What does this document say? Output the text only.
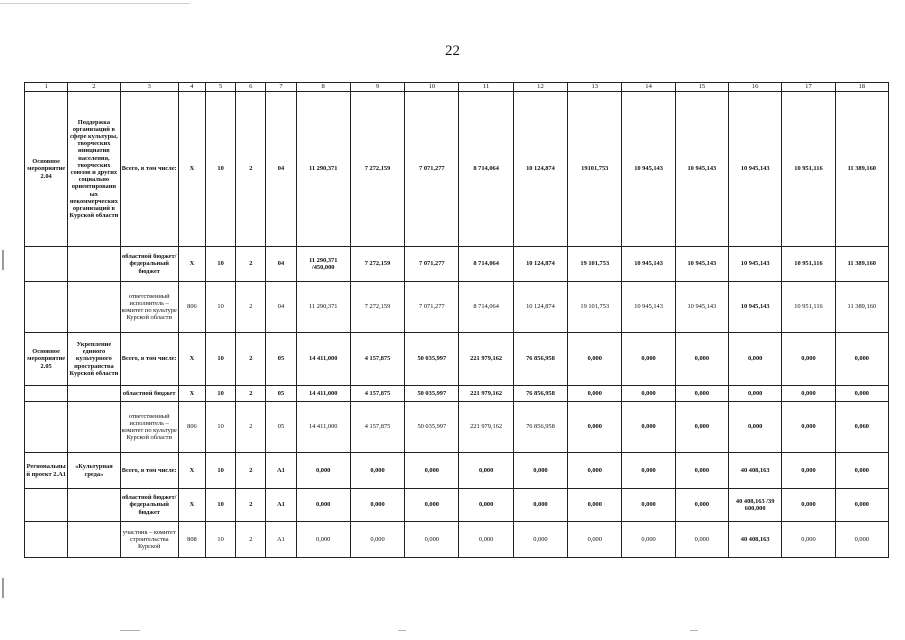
22
1	2	3	4	5	6	7	8	9	10	11	12	13	14	15	16	17	18
Основное мероприятие 2.04	Поддержка организаций в сфере культуры, творческих инициатив населения, творческих союзов и других социально ориентированных некоммерческих организаций в Курской области	Всего, в том числе:	X	10	2	04	11 290,371	7 272,159	7 071,277	8 714,064	10 124,874	19101,753	10 945,143	10 945,143	10 945,143	10 951,116	11 389,160
		областной бюджет/ федеральный бюджет	X	10	2	04	11 290,371 /450,000	7 272,159	7 071,277	8 714,064	10 124,874	19 101,753	10 945,143	10 945,143	10 945,143	10 951,116	11 389,160
		ответственный исполнитель – комитет по культуре Курской области	806	10	2	04	11 290,371	7 272,159	7 071,277	8 714,064	10 124,874	19 101,753	10 945,143	10 945,143	10 945,143	10 951,116	11 389,160
Основное мероприятие 2.05	Укрепление единого культурного пространства Курской области	Всего, в том числе:	X	10	2	05	14 411,000	4 157,875	50 035,997	221 979,162	76 856,958	0,000	0,000	0,000	0,000	0,000	0,000
		областной бюджет	X	10	2	05	14 411,000	4 157,875	50 035,997	221 979,162	76 856,958	0,000	0,000	0,000	0,000	0,000	0,000
		ответственный исполнитель – комитет по культуре Курской области	806	10	2	05	14 411,000	4 157,875	50 035,997	221 979,162	76 856,958	0,000	0,000	0,000	0,000	0,000	0,060
Региональный проект 2.А1	«Культурная среда»	Всего, в том числе:	X	10	2	A1	0,000	0,000	0,000	0,000	0,000	0,000	0,000	0,000	40 408,163	0,000	0,000
		областной бюджет/ федеральный бюджет	X	10	2	A1	0,000	0,000	0,000	0,000	0,000	0,000	0,000	0,000	40 408,163 /39 600,000	0,000	0,000
		участник – комитет строительства Курской	808	10	2	A1	0,000	0,000	0,000	0,000	0,000	0,000	0,000	0,000	40 408,163	0,000	0,000
